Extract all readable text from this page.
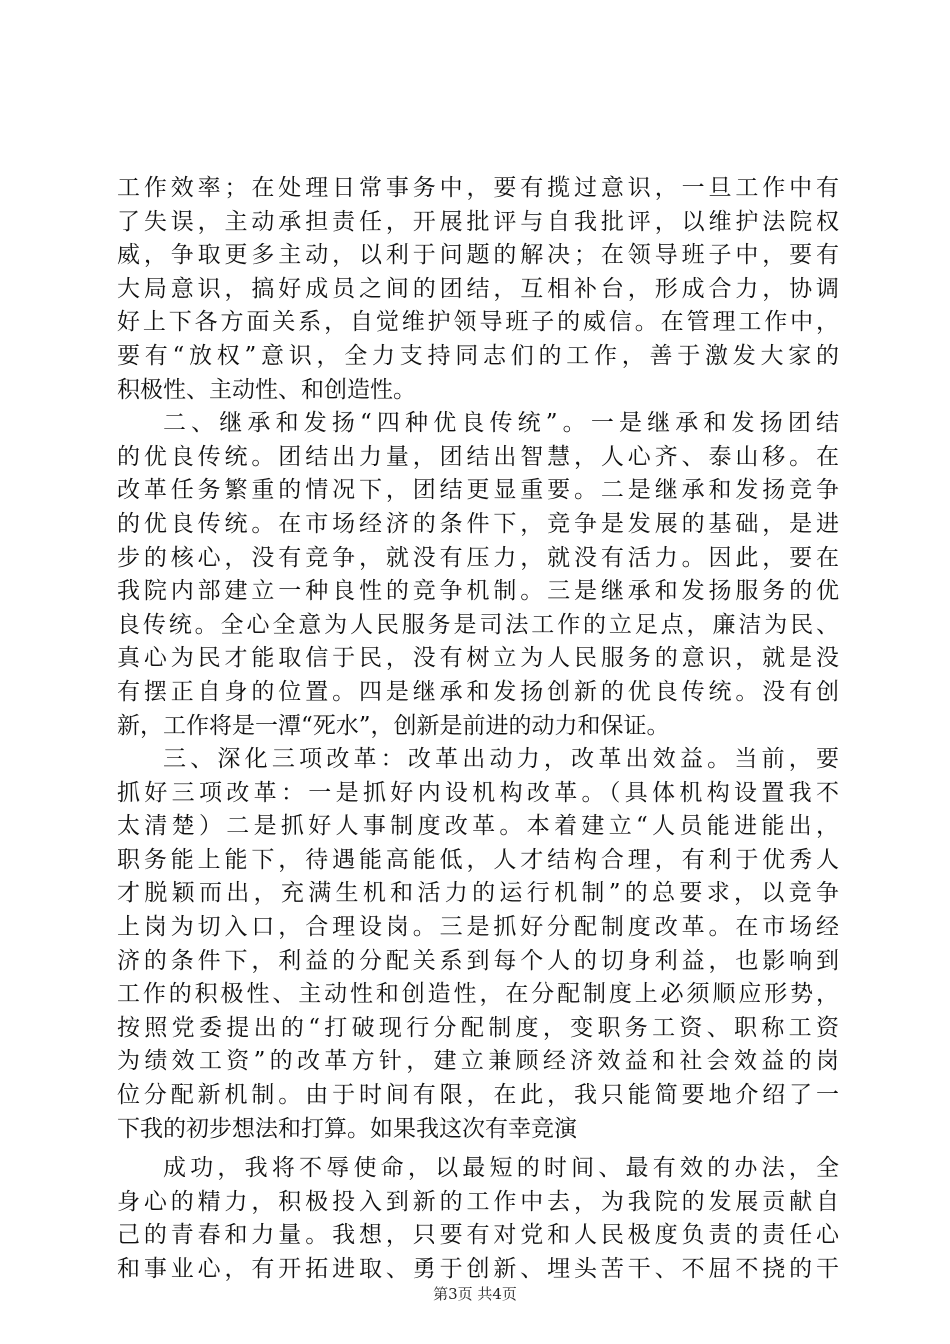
工作效率；在处理日常事务中，要有揽过意识，一旦工作中有
了失误，主动承担责任，开展批评与自我批评，以维护法院权
威，争取更多主动，以利于问题的解决；在领导班子中，要有
大局意识，搞好成员之间的团结，互相补台，形成合力，协调
好上下各方面关系，自觉维护领导班子的威信。在管理工作中，
要有“放权”意识，全力支持同志们的工作，善于激发大家的
积极性、主动性、和创造性。
二、继承和发扬“四种优良传统”。一是继承和发扬团结
的优良传统。团结出力量，团结出智慧，人心齐、泰山移。在
改革任务繁重的情况下，团结更显重要。二是继承和发扬竞争
的优良传统。在市场经济的条件下，竞争是发展的基础，是进
步的核心，没有竞争，就没有压力，就没有活力。因此，要在
我院内部建立一种良性的竞争机制。三是继承和发扬服务的优
良传统。全心全意为人民服务是司法工作的立足点，廉洁为民、
真心为民才能取信于民，没有树立为人民服务的意识，就是没
有摆正自身的位置。四是继承和发扬创新的优良传统。没有创
新，工作将是一潭“死水”，创新是前进的动力和保证。
三、深化三项改革：改革出动力，改革出效益。当前，要
抓好三项改革：一是抓好内设机构改革。（具体机构设置我不
太清楚）二是抓好人事制度改革。本着建立“人员能进能出，
职务能上能下，待遇能高能低，人才结构合理，有利于优秀人
才脱颖而出，充满生机和活力的运行机制”的总要求，以竞争
上岗为切入口，合理设岗。三是抓好分配制度改革。在市场经
济的条件下，利益的分配关系到每个人的切身利益，也影响到
工作的积极性、主动性和创造性，在分配制度上必须顺应形势，
按照党委提出的“打破现行分配制度，变职务工资、职称工资
为绩效工资”的改革方针，建立兼顾经济效益和社会效益的岗
位分配新机制。由于时间有限，在此，我只能简要地介绍了一
下我的初步想法和打算。如果我这次有幸竞演
成功，我将不辱使命，以最短的时间、最有效的办法，全
身心的精力，积极投入到新的工作中去，为我院的发展贡献自
己的青春和力量。我想，只要有对党和人民极度负责的责任心
和事业心，有开拓进取、勇于创新、埋头苦干、不屈不挠的干
第3页 共4页
